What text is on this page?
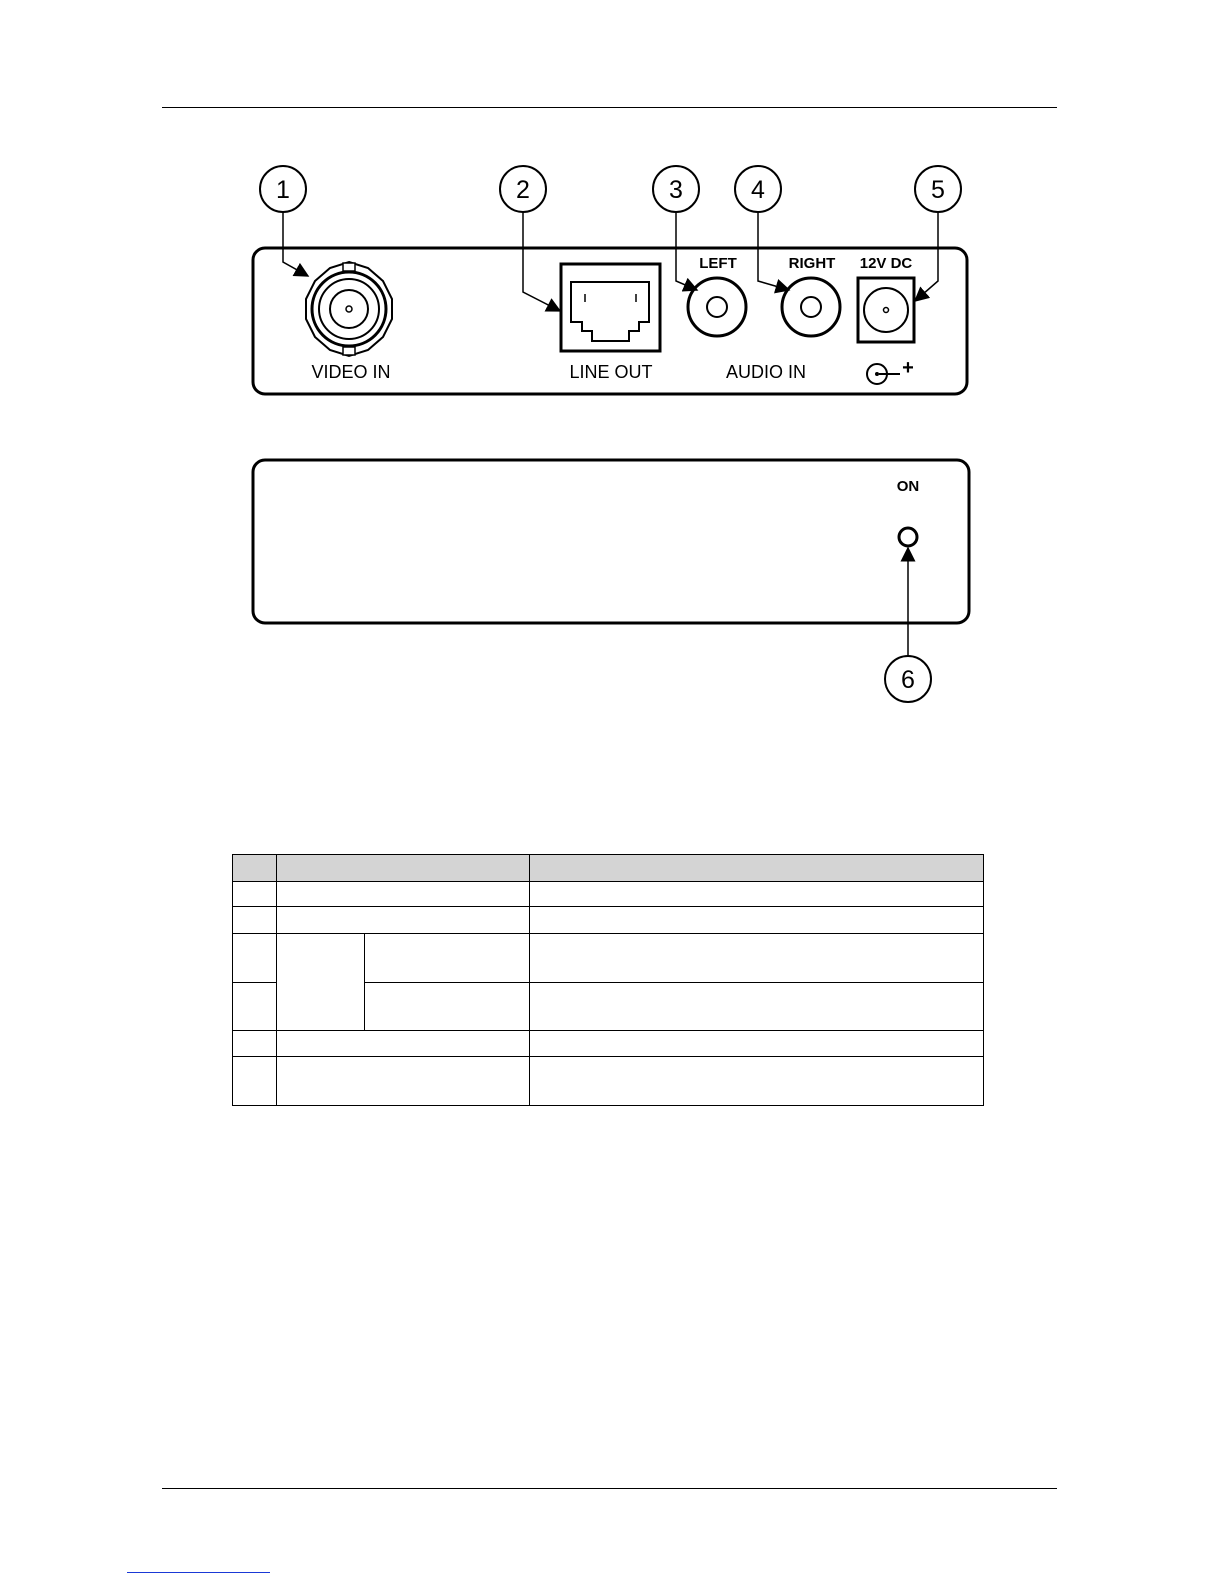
VIDEO IN	LINE OUT
LEFT	RIGHT
AUDIO IN
12V DC
+
ON
1	2	3	4	5
6
